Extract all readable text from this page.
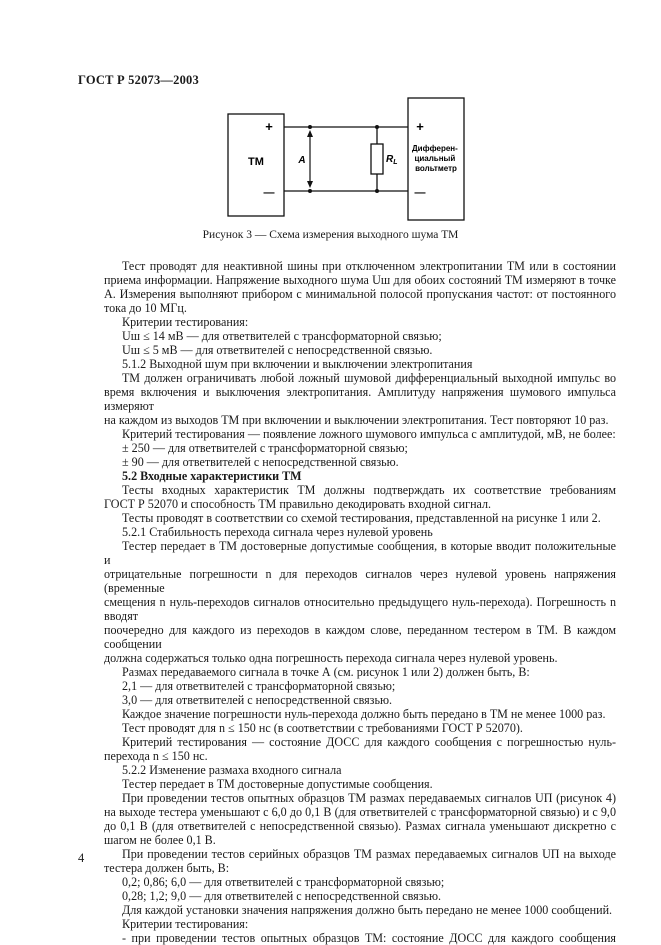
ГОСТ Р 52073—2003
ТМ
+
—
A	$R_L$
+
—
Дифферен- циальный вольтметр
Рисунок 3 — Схема измерения выходного шума ТМ

Тест проводят для неактивной шины при отключенном электропитании ТМ или в состоянии

приема информации. Напряжение выходного шума Uш для обоих состояний ТМ измеряют в точке

А. Измерения выполняют прибором с минимальной полосой пропускания частот: от постоянного

тока до 10 МГц.

Критерии тестирования:

Uш ≤ 14 мВ — для ответвителей с трансформаторной связью;

Uш ≤ 5 мВ — для ответвителей с непосредственной связью.

5.1.2 Выходной шум при включении и выключении электропитания

ТМ должен ограничивать любой ложный шумовой дифференциальный выходной импульс во

время включения и выключения электропитания. Амплитуду напряжения шумового импульса измеряют

на каждом из выходов ТМ при включении и выключении электропитания. Тест повторяют 10 раз.

Критерий тестирования — появление ложного шумового импульса с амплитудой, мВ, не более:

± 250 — для ответвителей с трансформаторной связью;

± 90 — для ответвителей с непосредственной связью.

5.2 Входные характеристики ТМ

Тесты входных характеристик ТМ должны подтверждать их соответствие требованиям

ГОСТ Р 52070 и способность ТМ правильно декодировать входной сигнал.

Тесты проводят в соответствии со схемой тестирования, представленной на рисунке 1 или 2.

5.2.1 Стабильность перехода сигнала через нулевой уровень

Тестер передает в ТМ достоверные допустимые сообщения, в которые вводит положительные и

отрицательные погрешности n для переходов сигналов через нулевой уровень напряжения (временные

смещения n нуль-переходов сигналов относительно предыдущего нуль-перехода). Погрешность n вводят

поочередно для каждого из переходов в каждом слове, переданном тестером в ТМ. В каждом сообщении

должна содержаться только одна погрешность перехода сигнала через нулевой уровень.

Размах передаваемого сигнала в точке А (см. рисунок 1 или 2) должен быть, В:

2,1 — для ответвителей с трансформаторной связью;

3,0 — для ответвителей с непосредственной связью.

Каждое значение погрешности нуль-перехода должно быть передано в ТМ не менее 1000 раз.

Тест проводят для n ≤ 150 нс (в соответствии с требованиями ГОСТ Р 52070).

Критерий тестирования — состояние ДОСС для каждого сообщения с погрешностью нуль-

перехода n ≤ 150 нс.

5.2.2 Изменение размаха входного сигнала

Тестер передает в ТМ достоверные допустимые сообщения.

При проведении тестов опытных образцов ТМ размах передаваемых сигналов UП (рисунок 4)

на выходе тестера уменьшают с 6,0 до 0,1 В (для ответвителей с трансформаторной связью) и с 9,0

до 0,1 В (для ответвителей с непосредственной связью). Размах сигнала уменьшают дискретно с

шагом не более 0,1 В.

При проведении тестов серийных образцов ТМ размах передаваемых сигналов UП на выходе

тестера должен быть, В:

0,2; 0,86; 6,0 — для ответвителей с трансформаторной связью;

0,28; 1,2; 9,0 — для ответвителей с непосредственной связью.

Для каждой установки значения напряжения должно быть передано не менее 1000 сообщений.

Критерии тестирования:

- при проведении тестов опытных образцов ТМ: состояние ДОСС для каждого сообщения

4
